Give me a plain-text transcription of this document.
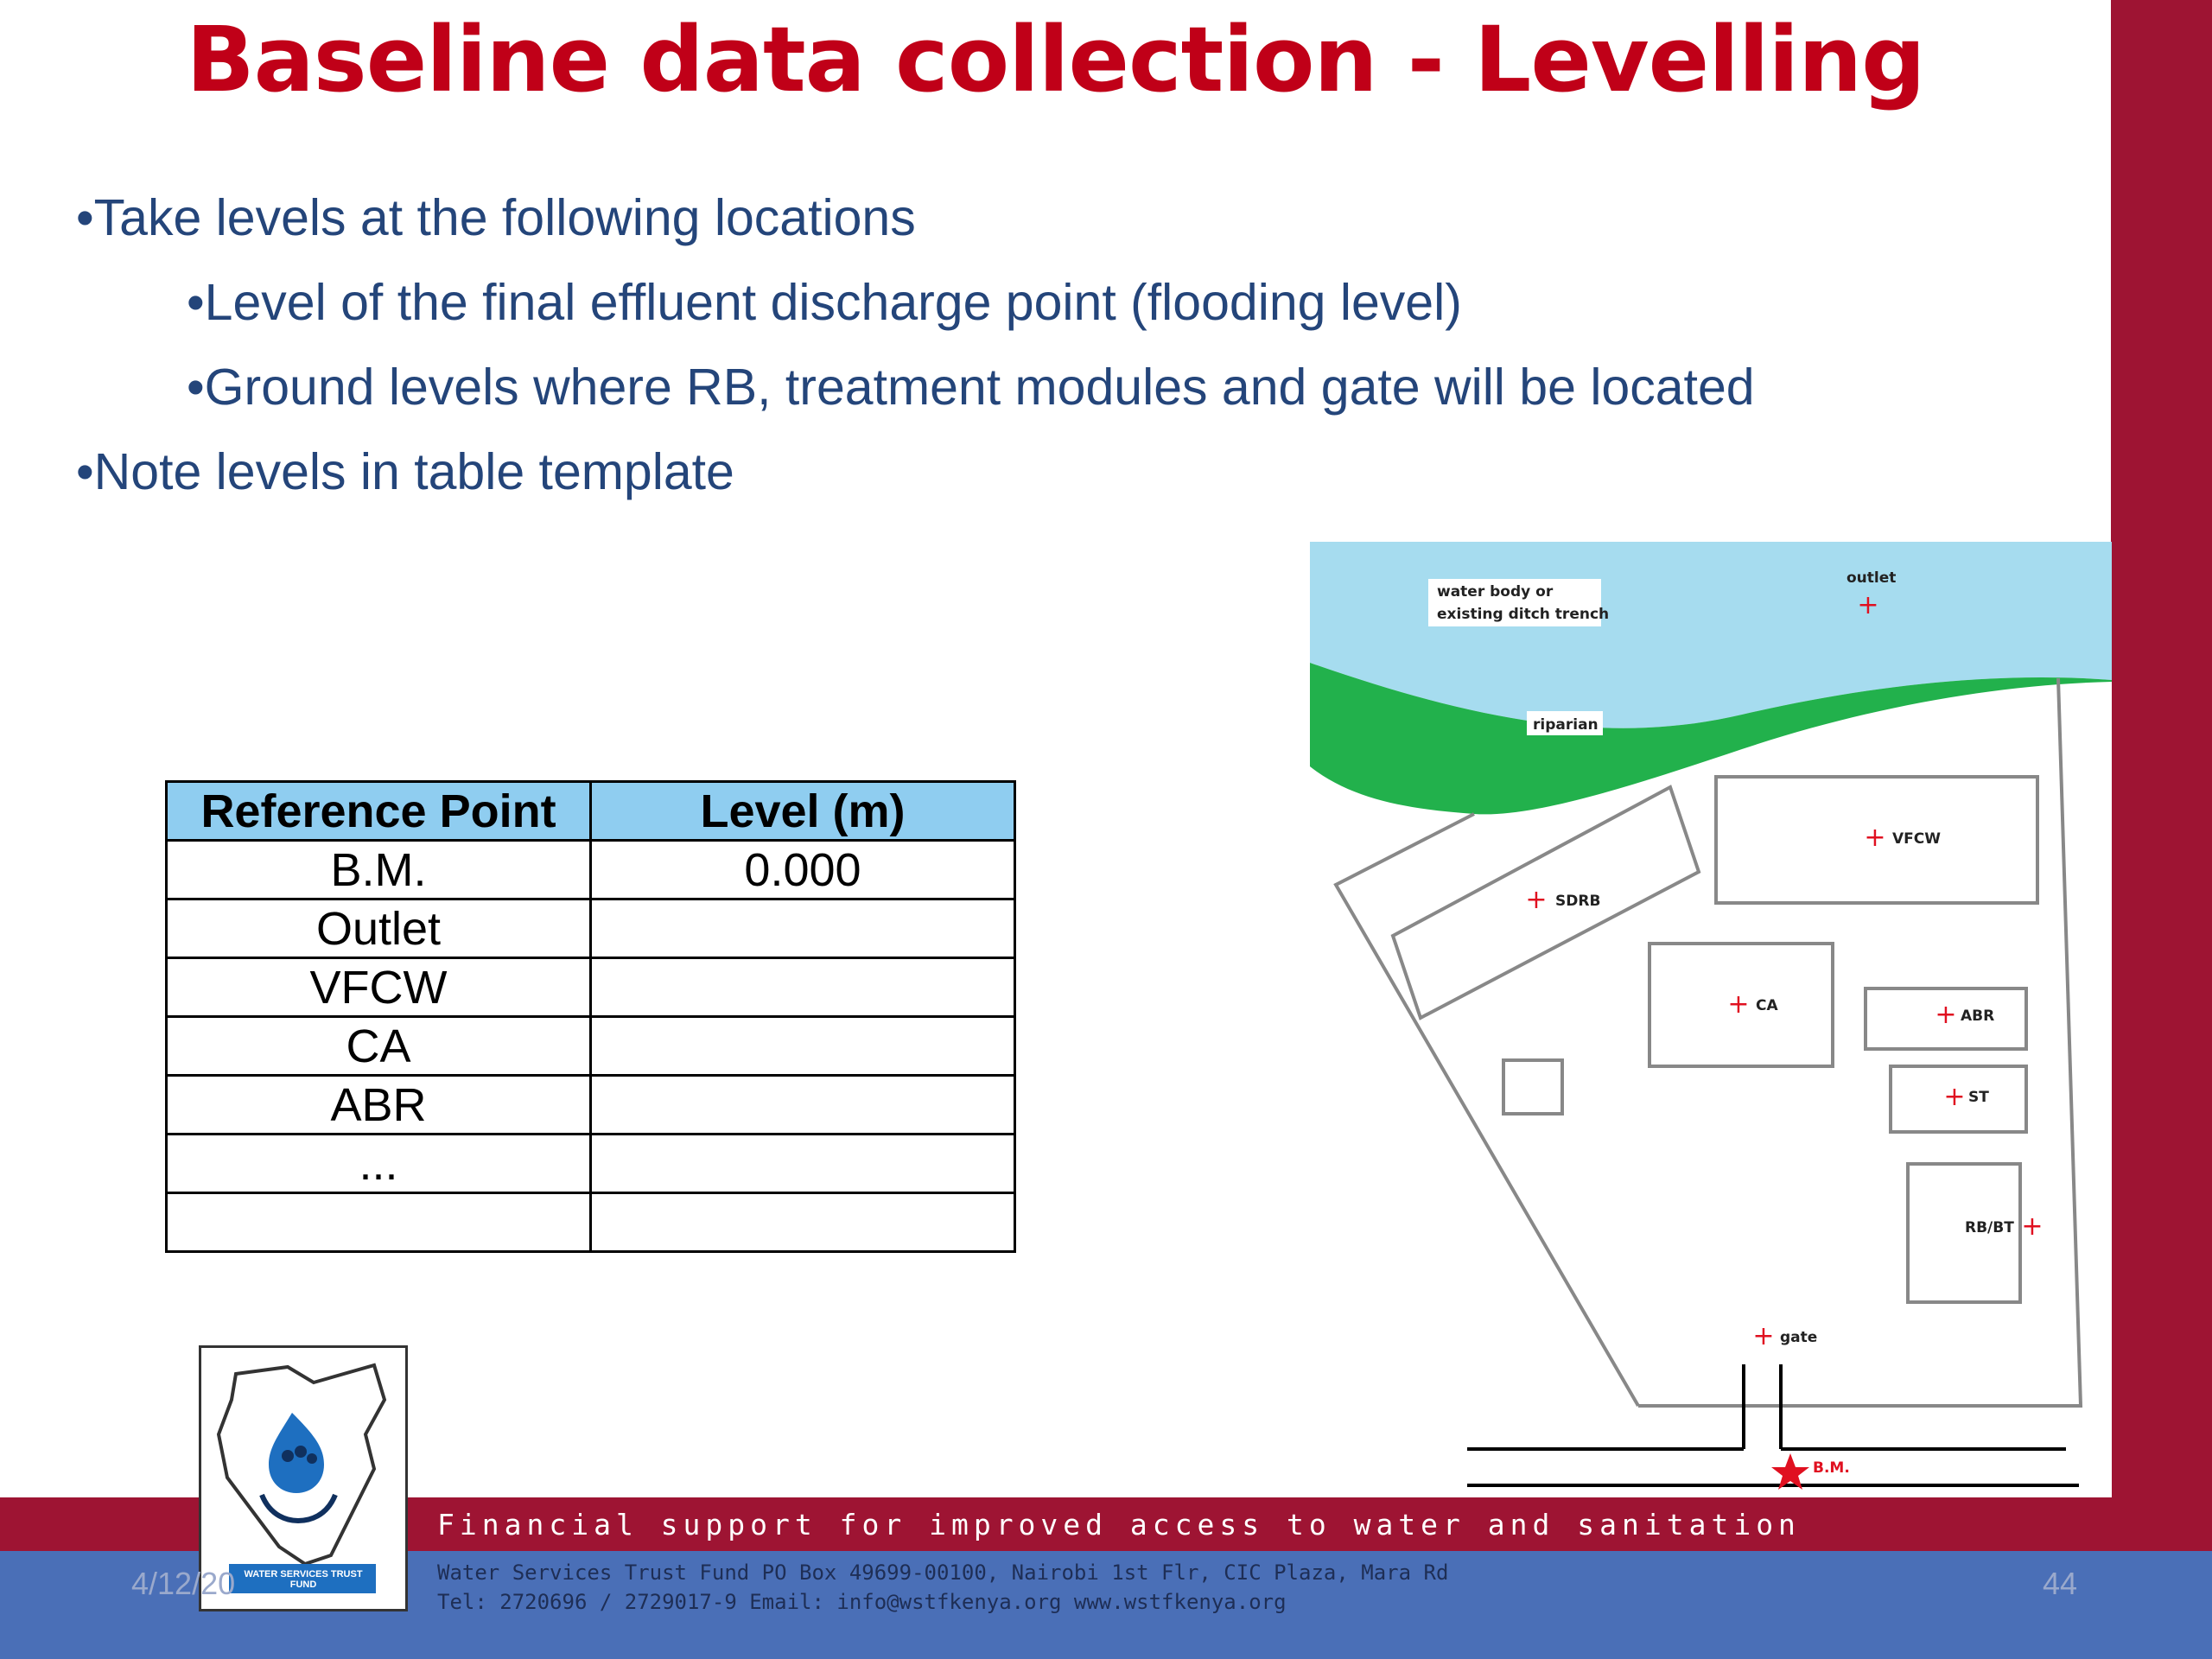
Baseline data collection - Levelling
•Take levels at the following locations
•Level of the final effluent discharge point (flooding level)
•Ground levels where RB, treatment modules and gate will be located
•Note levels in table template
Reference Point	Level (m)
B.M.	0.000
Outlet	
VFCW	
CA	
ABR	
...	

water body or
existing ditch trench
outlet
+
riparian
+ SDRB
+ VFCW
+ CA	+ ABR
+ ST
RB/BT +
+ gate
B.M.
WATER SERVICES TRUST FUND
Financial support for improved access to water and sanitation
Water Services Trust Fund PO Box 49699-00100, Nairobi 1st Flr, CIC Plaza, Mara Rd
Tel: 2720696 / 2729017-9 Email: info@wstfkenya.org www.wstfkenya.org
4/12/20	44
